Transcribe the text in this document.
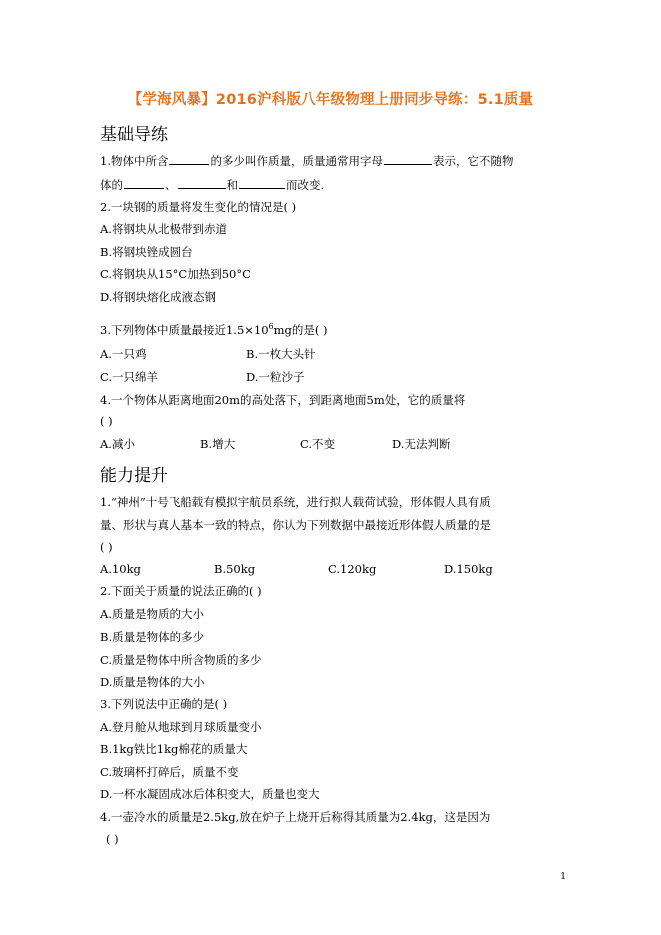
【学海风暴】2016沪科版八年级物理上册同步导练：5.1质量
基础导练
1.物体中所含	的多少叫作质量，质量通常用字母	表示，它不随物
体的	、	和	而改变.
2.一块钢的质量将发生变化的情况是( )
A.将钢块从北极带到赤道
B.将钢块锉成圆台
C.将钢块从15°C加热到50°C
D.将钢块熔化成液态钢
3.下列物体中质量最接近$1.5\times 10^6mg$的是( )
A.一只鸡	B.一枚大头针
C.一只绵羊	D.一粒沙子
4.一个物体从距离地面20m的高处落下，到距离地面5m处，它的质量将
( )
A.减小	B.增大	C.不变	D.无法判断
能力提升
1.“神州”十号飞船载有模拟宇航员系统，进行拟人载荷试验，形体假人具有质
量、形状与真人基本一致的特点，你认为下列数据中最接近形体假人质量的是
( )
A.10kg	B.50kg	C.120kg	D.150kg
2.下面关于质量的说法正确的( )
A.质量是物质的大小
B.质量是物体的多少
C.质量是物体中所含物质的多少
D.质量是物体的大小
3.下列说法中正确的是( )
A.登月舱从地球到月球质量变小
B.1kg铁比1kg棉花的质量大
C.玻璃杯打碎后，质量不变
D.一杯水凝固成冰后体积变大，质量也变大
4.一壶冷水的质量是2.5kg,放在炉子上烧开后称得其质量为2.4kg，这是因为
( )
1
